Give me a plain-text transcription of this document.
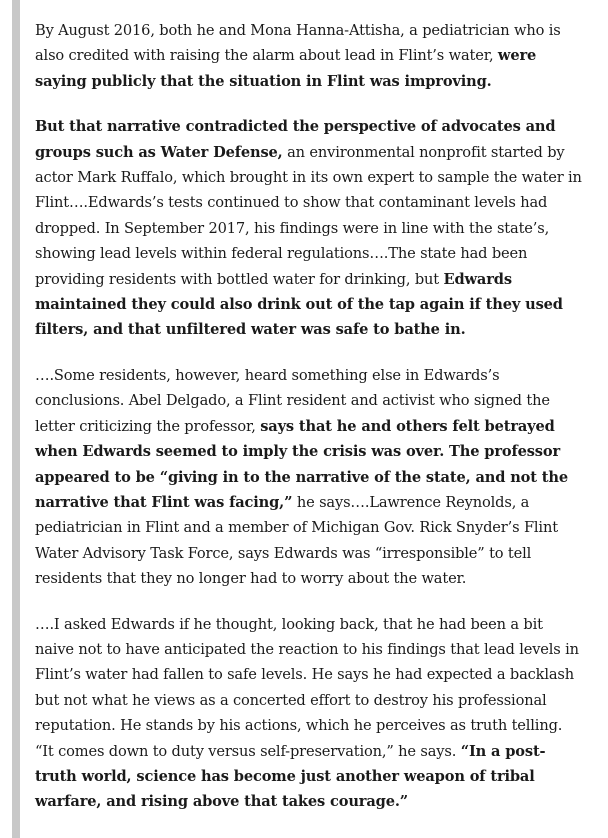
By August 2016, both he and Mona Hanna-Attisha, a pediatrician who is also credited with raising the alarm about lead in Flint’s water, were saying publicly that the situation in Flint was improving.

But that narrative contradicted the perspective of advocates and groups such as Water Defense, an environmental nonprofit started by actor Mark Ruffalo, which brought in its own expert to sample the water in Flint….Edwards’s tests continued to show that contaminant levels had dropped. In September 2017, his findings were in line with the state’s, showing lead levels within federal regulations….The state had been providing residents with bottled water for drinking, but Edwards maintained they could also drink out of the tap again if they used filters, and that unfiltered water was safe to bathe in.

….Some residents, however, heard something else in Edwards’s conclusions. Abel Delgado, a Flint resident and activist who signed the letter criticizing the professor, says that he and others felt betrayed when Edwards seemed to imply the crisis was over. The professor appeared to be “giving in to the narrative of the state, and not the narrative that Flint was facing,” he says….Lawrence Reynolds, a pediatrician in Flint and a member of Michigan Gov. Rick Snyder’s Flint Water Advisory Task Force, says Edwards was “irresponsible” to tell residents that they no longer had to worry about the water.

….I asked Edwards if he thought, looking back, that he had been a bit naive not to have anticipated the reaction to his findings that lead levels in Flint’s water had fallen to safe levels. He says he had expected a backlash but not what he views as a concerted effort to destroy his professional reputation. He stands by his actions, which he perceives as truth telling. “It comes down to duty versus self-preservation,” he says. “In a post-truth world, science has become just another weapon of tribal warfare, and rising above that takes courage.”
